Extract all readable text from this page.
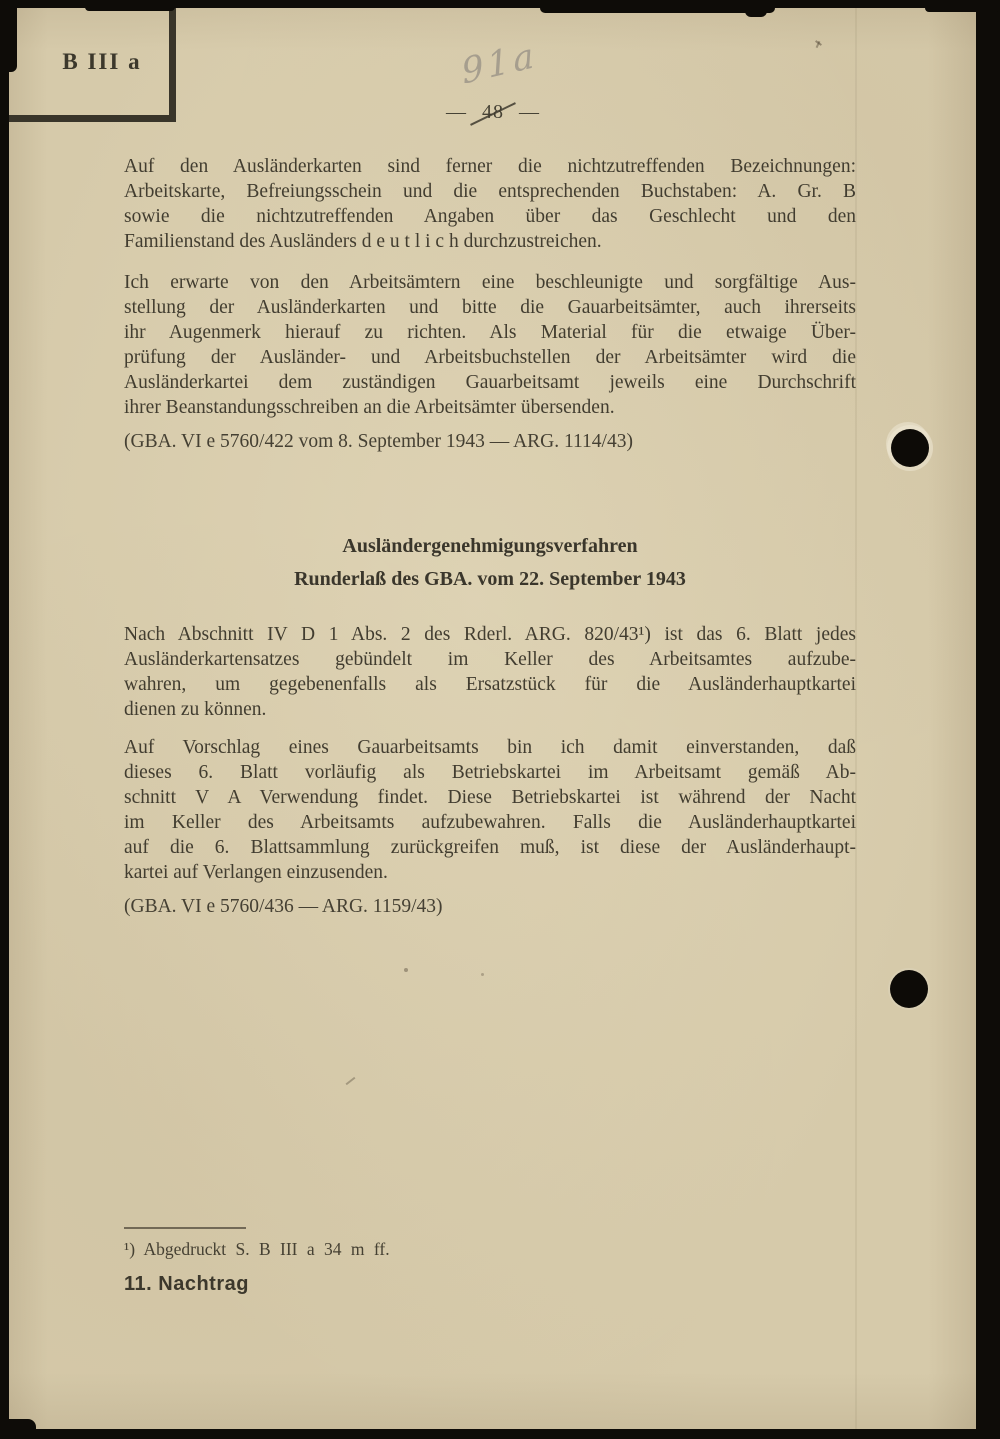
B III a	91a
— 48 —
Auf den Ausländerkarten sind ferner die nichtzutreffenden Bezeichnungen:
Arbeitskarte, Befreiungsschein und die entsprechenden Buchstaben: A. Gr. B
sowie die nichtzutreffenden Angaben über das Geschlecht und den
Familienstand des Ausländers d e u t l i c h durchzustreichen.
Ich erwarte von den Arbeitsämtern eine beschleunigte und sorgfältige Aus-
stellung der Ausländerkarten und bitte die Gauarbeitsämter, auch ihrerseits
ihr Augenmerk hierauf zu richten. Als Material für die etwaige Über-
prüfung der Ausländer- und Arbeitsbuchstellen der Arbeitsämter wird die
Ausländerkartei dem zuständigen Gauarbeitsamt jeweils eine Durchschrift
ihrer Beanstandungsschreiben an die Arbeitsämter übersenden.
(GBA. VI e 5760/422 vom 8. September 1943 — ARG. 1114/43)
Ausländergenehmigungsverfahren
Runderlaß des GBA. vom 22. September 1943
Nach Abschnitt IV D 1 Abs. 2 des Rderl. ARG. 820/43¹) ist das 6. Blatt jedes
Ausländerkartensatzes gebündelt im Keller des Arbeitsamtes aufzube-
wahren, um gegebenenfalls als Ersatzstück für die Ausländerhauptkartei
dienen zu können.
Auf Vorschlag eines Gauarbeitsamts bin ich damit einverstanden, daß
dieses 6. Blatt vorläufig als Betriebskartei im Arbeitsamt gemäß Ab-
schnitt V A Verwendung findet. Diese Betriebskartei ist während der Nacht
im Keller des Arbeitsamts aufzubewahren. Falls die Ausländerhauptkartei
auf die 6. Blattsammlung zurückgreifen muß, ist diese der Ausländerhaupt-
kartei auf Verlangen einzusenden.
(GBA. VI e 5760/436 — ARG. 1159/43)
¹) Abgedruckt S. B III a 34 m ff.
11. Nachtrag
